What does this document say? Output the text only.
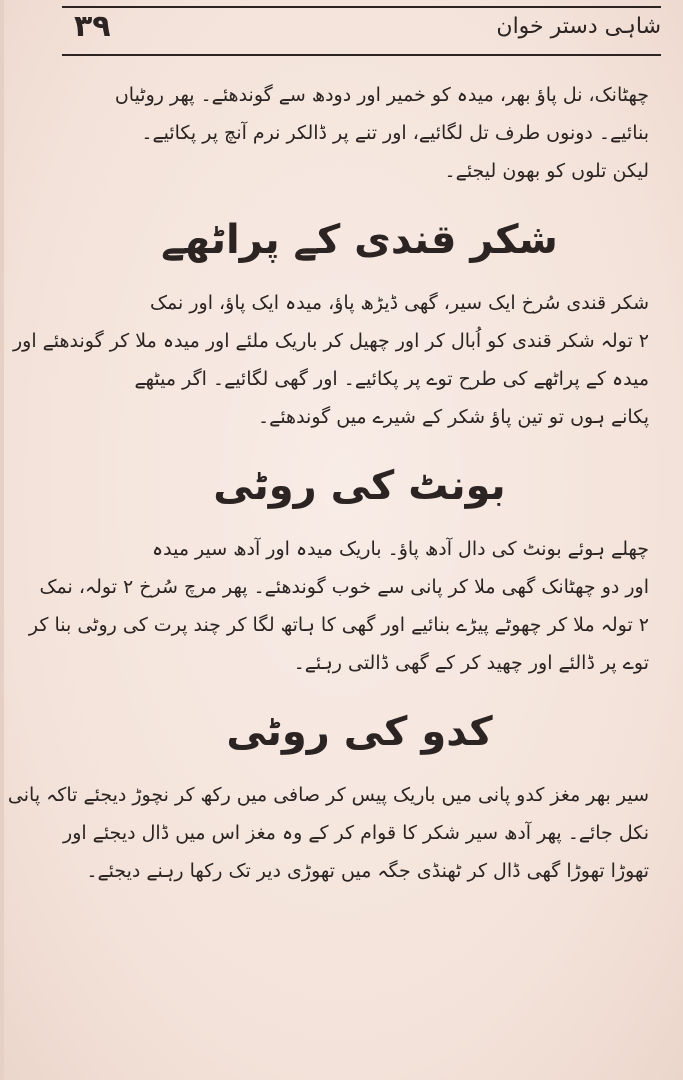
۳۹	شاہی دستر خوان
چھٹانک، نل پاؤ بھر، میدہ کو خمیر اور دودھ سے گوندھئے۔ پھر روٹیاں
بنائیے۔ دونوں طرف تل لگائیے، اور تنے پر ڈالکر نرم آنچ پر پکائیے۔
لیکن تلوں کو بھون لیجئے۔
شکر قندی کے پراٹھے
شکر قندی سُرخ ایک سیر، گھی ڈیڑھ پاؤ، میدہ ایک پاؤ، اور نمک
۲ تولہ شکر قندی کو اُبال کر اور چھیل کر باریک ملئے اور میدہ ملا کر گوندھئے اور
میدہ کے پراٹھے کی طرح توے پر پکائیے۔ اور گھی لگائیے۔ اگر میٹھے
پکانے ہوں تو تین پاؤ شکر کے شیرے میں گوندھئے۔
بونٹ کی روٹی
چھلے ہوئے بونٹ کی دال آدھ پاؤ۔ باریک میدہ اور آدھ سیر میدہ
اور دو چھٹانک گھی ملا کر پانی سے خوب گوندھئے۔ پھر مرچ سُرخ ۲ تولہ، نمک
۲ تولہ ملا کر چھوٹے پیڑے بنائیے اور گھی کا ہاتھ لگا کر چند پرت کی روٹی بنا کر
توے پر ڈالئے اور چھید کر کے گھی ڈالتی رہئے۔
کدو کی روٹی
سیر بھر مغز کدو پانی میں باریک پیس کر صافی میں رکھ کر نچوڑ دیجئے تاکہ پانی
نکل جائے۔ پھر آدھ سیر شکر کا قوام کر کے وہ مغز اس میں ڈال دیجئے اور
تھوڑا تھوڑا گھی ڈال کر ٹھنڈی جگہ میں تھوڑی دیر تک رکھا رہنے دیجئے۔
